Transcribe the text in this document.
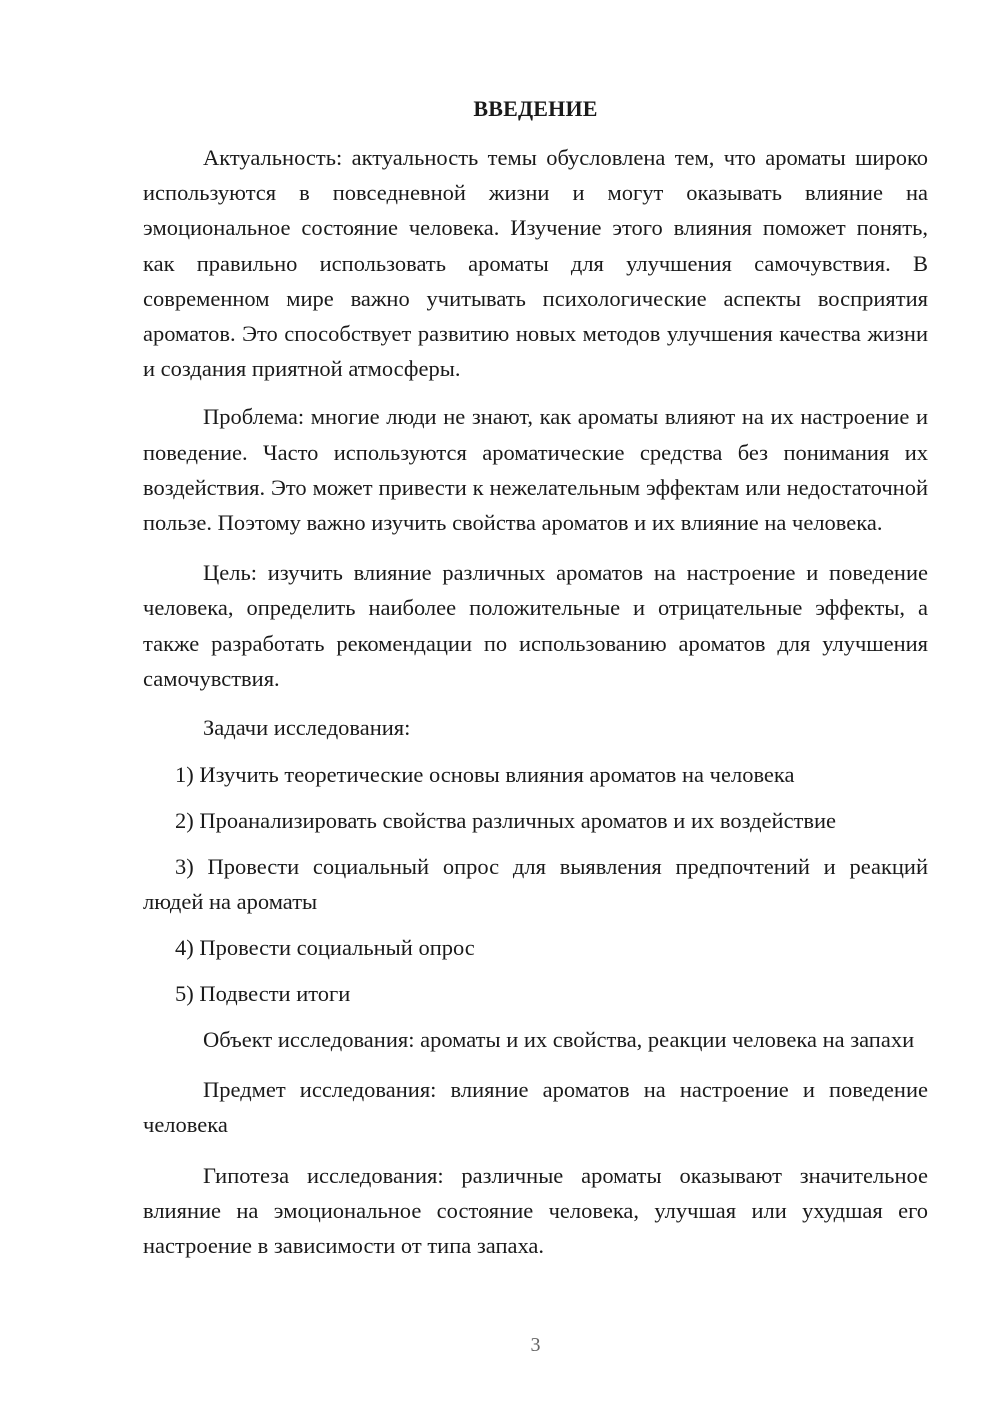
ВВЕДЕНИЕ

Актуальность: актуальность темы обусловлена тем, что ароматы широко используются в повседневной жизни и могут оказывать влияние на эмоциональное состояние человека. Изучение этого влияния поможет понять, как правильно использовать ароматы для улучшения самочувствия. В современном мире важно учитывать психологические аспекты восприятия ароматов. Это способствует развитию новых методов улучшения качества жизни и создания приятной атмосферы.

Проблема: многие люди не знают, как ароматы влияют на их настроение и поведение. Часто используются ароматические средства без понимания их воздействия. Это может привести к нежелательным эффектам или недостаточной пользе. Поэтому важно изучить свойства ароматов и их влияние на человека.

Цель: изучить влияние различных ароматов на настроение и поведение человека, определить наиболее положительные и отрицательные эффекты, а также разработать рекомендации по использованию ароматов для улучшения самочувствия.

Задачи исследования:

1) Изучить теоретические основы влияния ароматов на человека

2) Проанализировать свойства различных ароматов и их воздействие

3) Провести социальный опрос для выявления предпочтений и реакций людей на ароматы

4) Провести социальный опрос

5) Подвести итоги

Объект исследования: ароматы и их свойства, реакции человека на запахи

Предмет исследования: влияние ароматов на настроение и поведение человека

Гипотеза исследования: различные ароматы оказывают значительное влияние на эмоциональное состояние человека, улучшая или ухудшая его настроение в зависимости от типа запаха.

3
